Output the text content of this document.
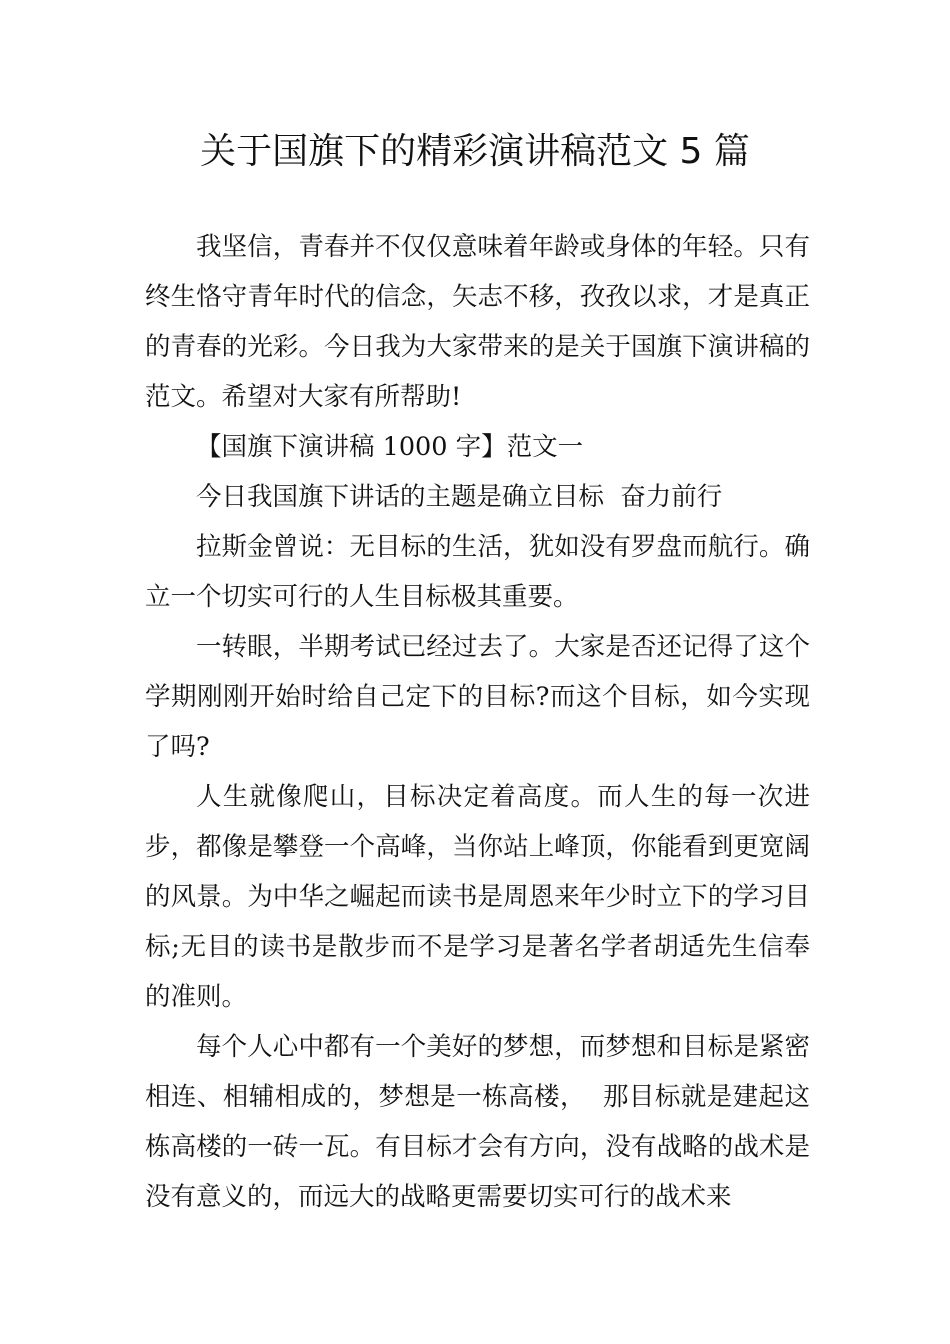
关于国旗下的精彩演讲稿范文 5 篇

我坚信，青春并不仅仅意味着年龄或身体的年轻。只有终生恪守青年时代的信念，矢志不移，孜孜以求，才是真正的青春的光彩。今日我为大家带来的是关于国旗下演讲稿的范文。希望对大家有所帮助!

【国旗下演讲稿 1000 字】范文一

今日我国旗下讲话的主题是确立目标  奋力前行

拉斯金曾说：无目标的生活，犹如没有罗盘而航行。确立一个切实可行的人生目标极其重要。

一转眼，半期考试已经过去了。大家是否还记得了这个学期刚刚开始时给自己定下的目标?而这个目标，如今实现了吗?

人生就像爬山，目标决定着高度。而人生的每一次进步，都像是攀登一个高峰，当你站上峰顶，你能看到更宽阔的风景。为中华之崛起而读书是周恩来年少时立下的学习目标;无目的读书是散步而不是学习是著名学者胡适先生信奉的准则。

每个人心中都有一个美好的梦想，而梦想和目标是紧密相连、相辅相成的，梦想是一栋高楼，  那目标就是建起这栋高楼的一砖一瓦。有目标才会有方向，没有战略的战术是没有意义的，而远大的战略更需要切实可行的战术来
